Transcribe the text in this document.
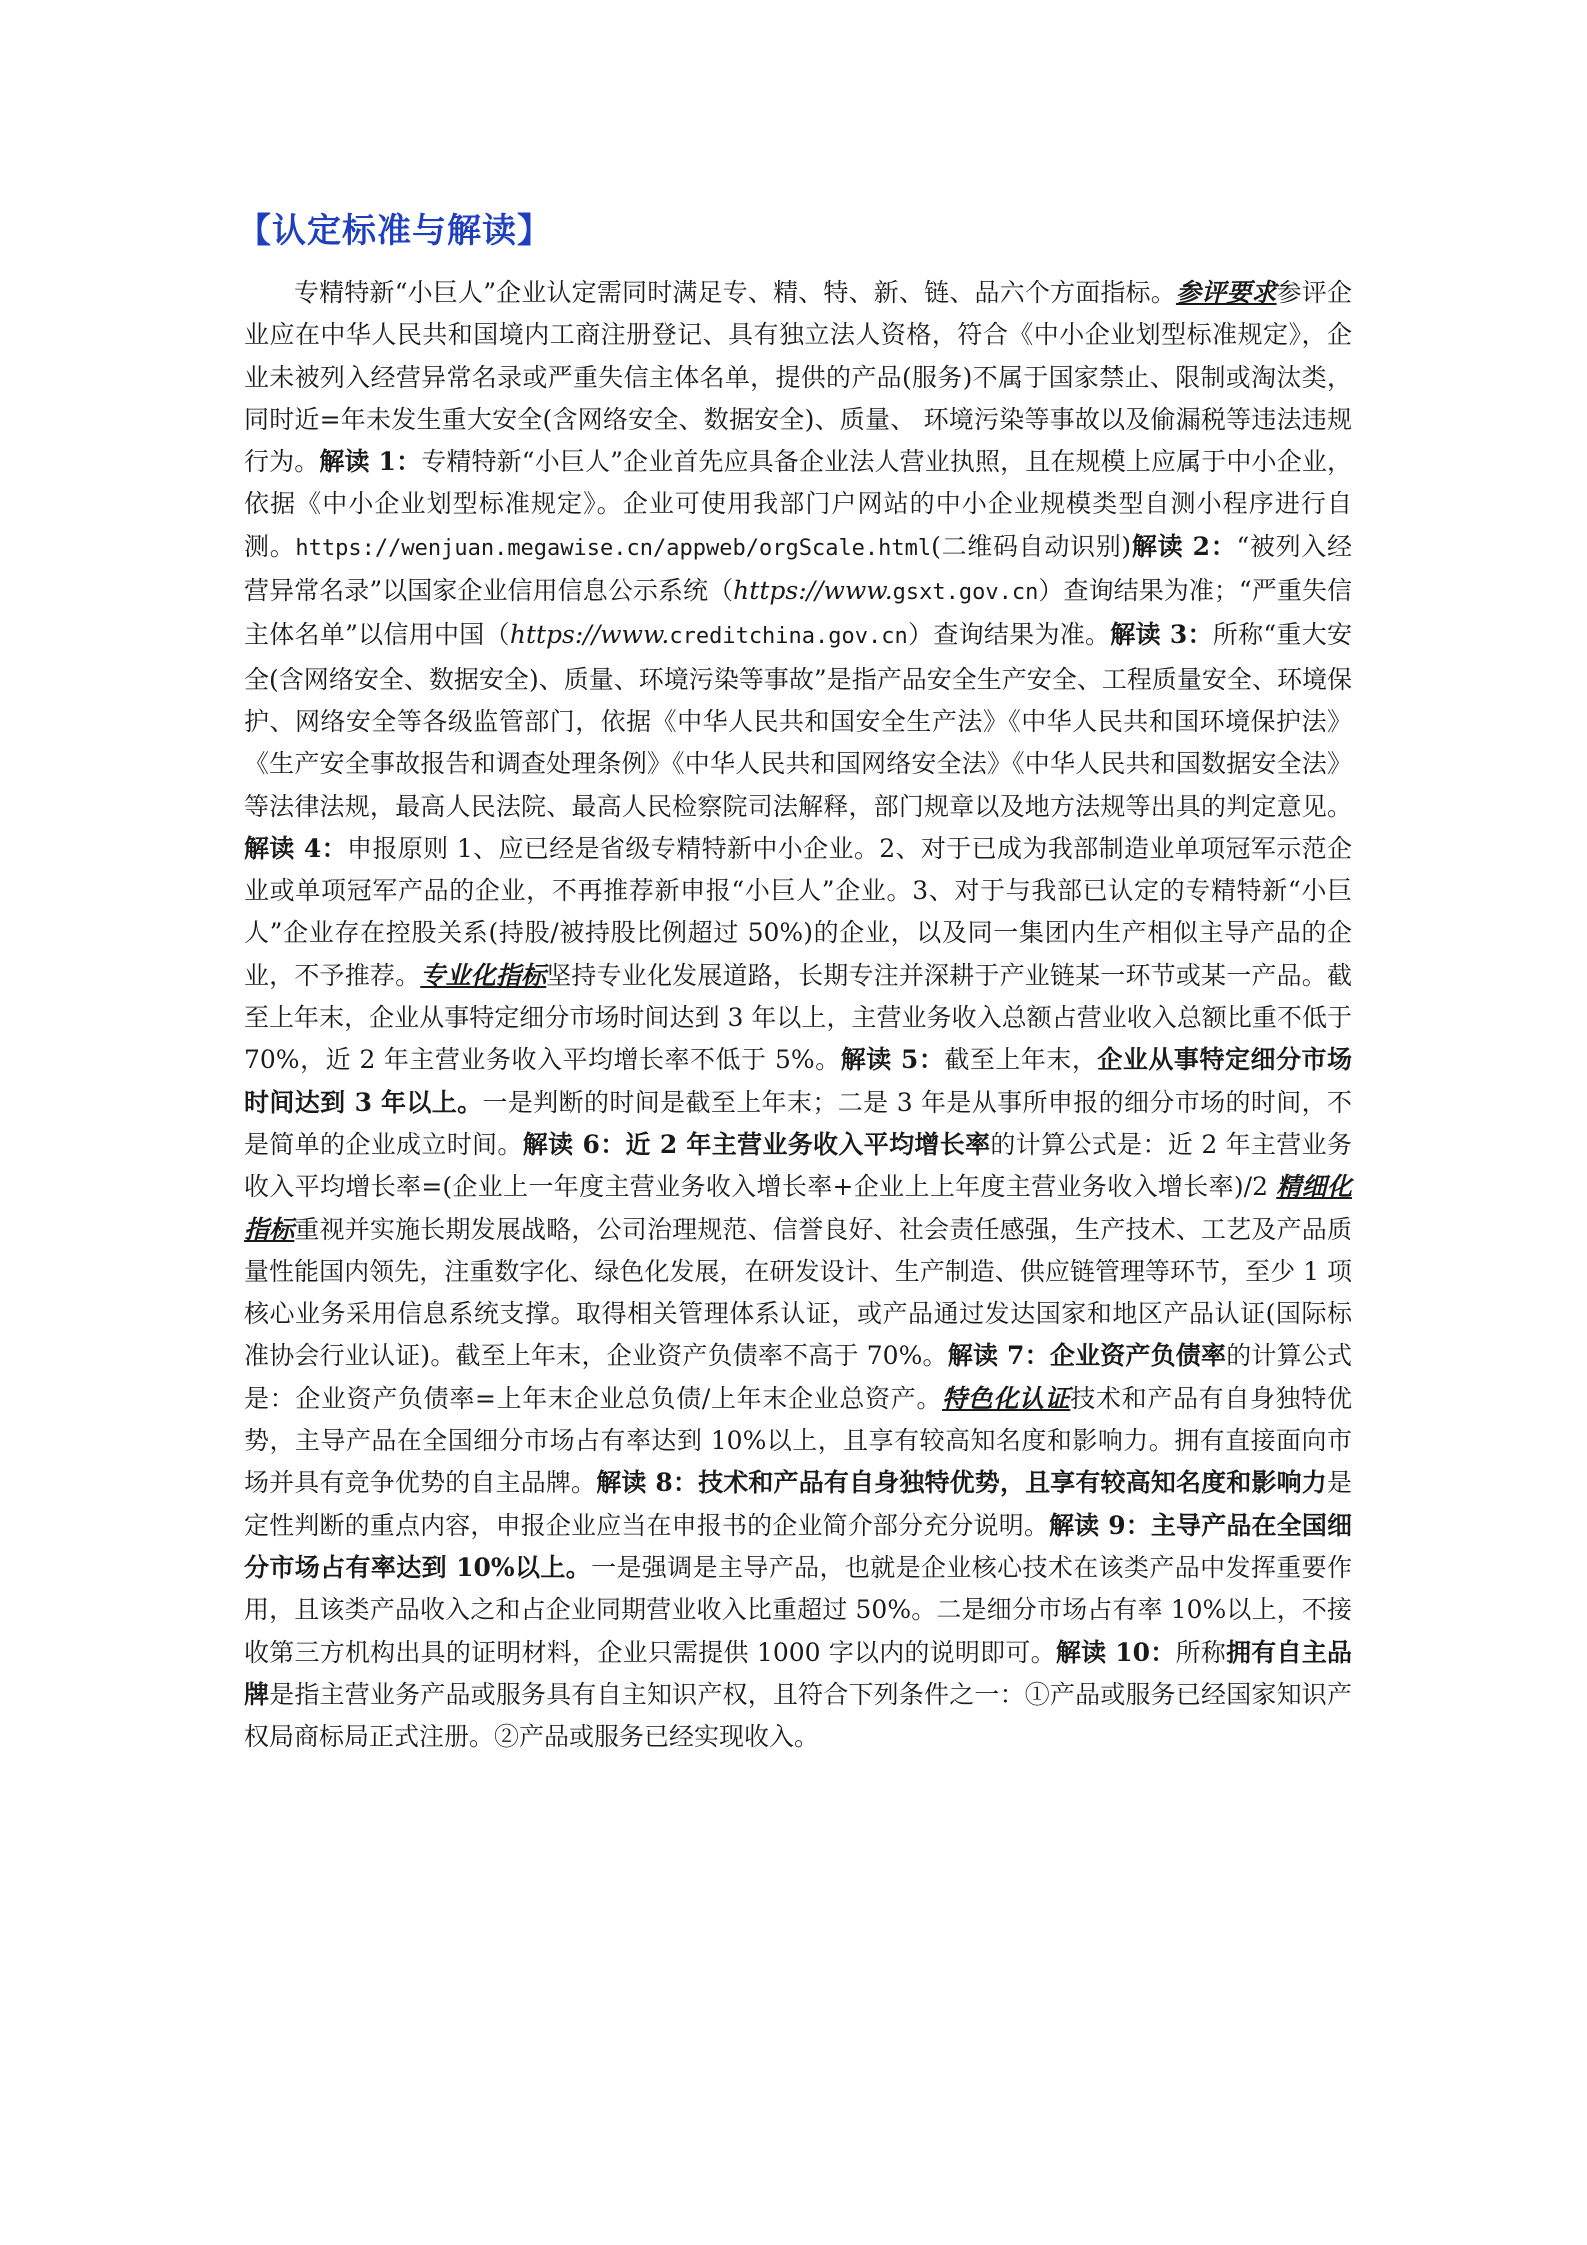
【认定标准与解读】
专精特新“小巨人”企业认定需同时满足专、精、特、新、链、品六个方面指标。参评要求参评企业应在中华人民共和国境内工商注册登记、具有独立法人资格，符合《中小企业划型标准规定》，企业未被列入经营异常名录或严重失信主体名单，提供的产品(服务)不属于国家禁止、限制或淘汰类，同时近=年未发生重大安全(含网络安全、数据安全)、质量、 环境污染等事故以及偷漏税等违法违规行为。解读 1：专精特新“小巨人”企业首先应具备企业法人营业执照，且在规模上应属于中小企业，依据《中小企业划型标准规定》。企业可使用我部门户网站的中小企业规模类型自测小程序进行自测。https://wenjuan.megawise.cn/appweb/orgScale.html(二维码自动识别)解读 2：“被列入经营异常名录”以国家企业信用信息公示系统（https://www.gsxt.gov.cn）查询结果为准；“严重失信主体名单”以信用中国（https://www.creditchina.gov.cn）查询结果为准。解读 3：所称“重大安全(含网络安全、数据安全)、质量、环境污染等事故”是指产品安全生产安全、工程质量安全、环境保护、网络安全等各级监管部门，依据《中华人民共和国安全生产法》《中华人民共和国环境保护法》《生产安全事故报告和调查处理条例》《中华人民共和国网络安全法》《中华人民共和国数据安全法》 等法律法规，最高人民法院、最高人民检察院司法解释，部门规章以及地方法规等出具的判定意见。解读 4：申报原则 1、应已经是省级专精特新中小企业。2、对于已成为我部制造业单项冠军示范企业或单项冠军产品的企业，不再推荐新申报“小巨人”企业。3、对于与我部已认定的专精特新“小巨人”企业存在控股关系(持股/被持股比例超过 50%)的企业，以及同一集团内生产相似主导产品的企业，不予推荐。专业化指标坚持专业化发展道路，长期专注并深耕于产业链某一环节或某一产品。截至上年末，企业从事特定细分市场时间达到 3 年以上，主营业务收入总额占营业收入总额比重不低于 70%，近 2 年主营业务收入平均增长率不低于 5%。解读 5：截至上年末，企业从事特定细分市场时间达到 3 年以上。一是判断的时间是截至上年末；二是 3 年是从事所申报的细分市场的时间，不是简单的企业成立时间。解读 6：近 2 年主营业务收入平均增长率的计算公式是：近 2 年主营业务收入平均增长率=(企业上一年度主营业务收入增长率+企业上上年度主营业务收入增长率)/2 精细化指标重视并实施长期发展战略，公司治理规范、信誉良好、社会责任感强，生产技术、工艺及产品质量性能国内领先，注重数字化、绿色化发展，在研发设计、生产制造、供应链管理等环节，至少 1 项核心业务采用信息系统支撑。取得相关管理体系认证，或产品通过发达国家和地区产品认证(国际标准协会行业认证)。截至上年末，企业资产负债率不高于 70%。解读 7：企业资产负债率的计算公式是：企业资产负债率=上年末企业总负债/上年末企业总资产。特色化认证技术和产品有自身独特优势，主导产品在全国细分市场占有率达到 10%以上，且享有较高知名度和影响力。拥有直接面向市场并具有竞争优势的自主品牌。解读 8：技术和产品有自身独特优势，且享有较高知名度和影响力是定性判断的重点内容，申报企业应当在申报书的企业简介部分充分说明。解读 9：主导产品在全国细分市场占有率达到 10%以上。一是强调是主导产品，也就是企业核心技术在该类产品中发挥重要作用，且该类产品收入之和占企业同期营业收入比重超过 50%。二是细分市场占有率 10%以上，不接收第三方机构出具的证明材料，企业只需提供 1000 字以内的说明即可。解读 10：所称拥有自主品牌是指主营业务产品或服务具有自主知识产权，且符合下列条件之一：①产品或服务已经国家知识产权局商标局正式注册。②产品或服务已经实现收入。
